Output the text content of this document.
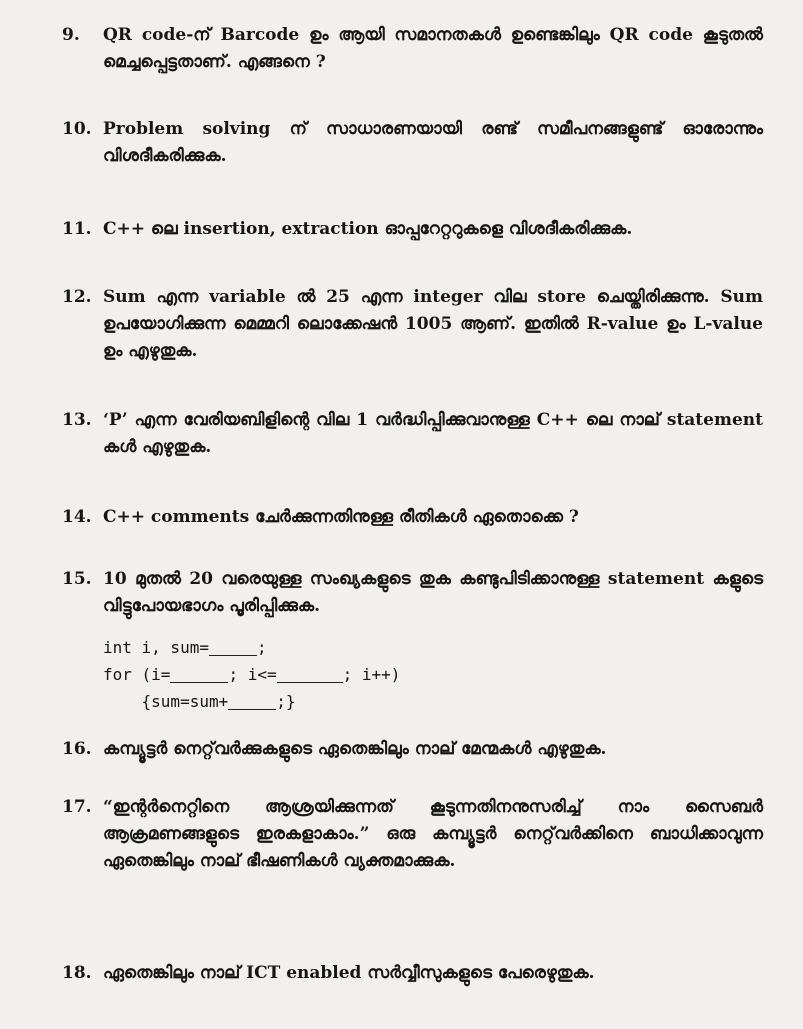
9.	QR code-ന് Barcode ഉം ആയി സമാനതകൾ ഉണ്ടെങ്കിലും QR code കൂടുതൽ മെച്ചപ്പെട്ടതാണ്. എങ്ങനെ ?
10. Problem solving ന് സാധാരണയായി രണ്ട് സമീപനങ്ങളുണ്ട് ഓരോന്നും വിശദീകരിക്കുക.
11. C++ ലെ insertion, extraction ഓപ്പറേറ്ററുകളെ വിശദീകരിക്കുക.
12. Sum എന്ന variable ൽ 25 എന്ന integer വില store ചെയ്തിരിക്കുന്നു. Sum ഉപയോഗിക്കുന്ന മെമ്മറി ലൊക്കേഷൻ 1005 ആണ്. ഇതിൽ R-value ഉം L-value ഉം എഴുതുക.
13. ‘P’ എന്ന വേരിയബിളിന്റെ വില 1 വർദ്ധിപ്പിക്കുവാനുള്ള C++ ലെ നാല് statement കൾ എഴുതുക.
14. C++ comments ചേർക്കുന്നതിനുള്ള രീതികൾ ഏതൊക്കെ ?
15. 10 മുതൽ 20 വരെയുള്ള സംഖ്യകളുടെ തുക കണ്ടുപിടിക്കാനുള്ള statement കളുടെ വിട്ടുപോയഭാഗം പൂരിപ്പിക്കുക.
int i, sum=	;
for (i=	; i<=	; i++)
{sum=sum+	;}
16. കമ്പ്യൂട്ടർ നെറ്റ്‌വർക്കുകളുടെ ഏതെങ്കിലും നാല് മേന്മകൾ എഴുതുക.
17. “ഇന്റർനെറ്റിനെ ആശ്രയിക്കുന്നത് കൂടുന്നതിനനുസരിച്ച് നാം സൈബർ ആക്രമണങ്ങളുടെ ഇരകളാകാം.” ഒരു കമ്പ്യൂട്ടർ നെറ്റ്‌വർക്കിനെ ബാധിക്കാവുന്ന ഏതെങ്കിലും നാല് ഭീഷണികൾ വ്യക്തമാക്കുക.
18. ഏതെങ്കിലും നാല് ICT enabled സർവ്വീസുകളുടെ പേരെഴുതുക.
